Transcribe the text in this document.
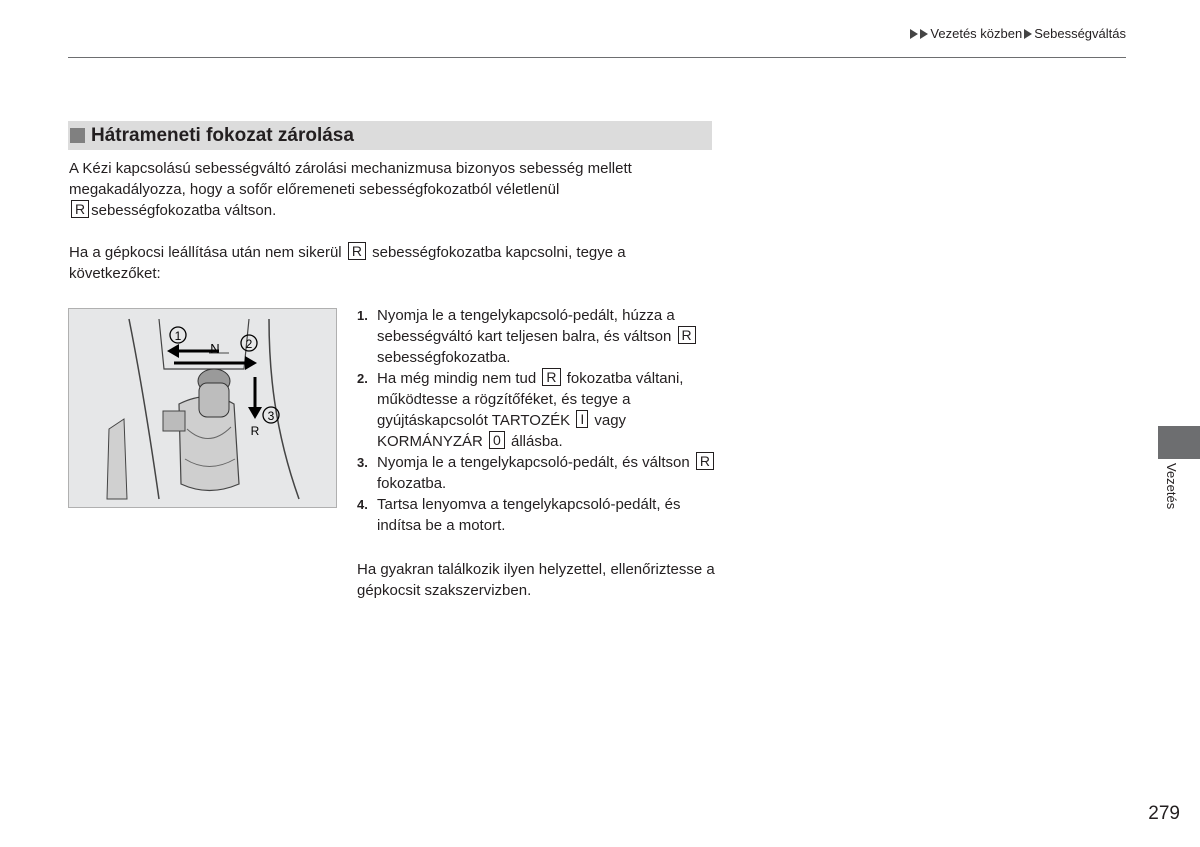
Vezetés közben Sebességváltás
Hátrameneti fokozat zárolása
A Kézi kapcsolású sebességváltó zárolási mechanizmusa bizonyos sebesség mellett megakadályozza, hogy a sofőr előremeneti sebességfokozatból véletlenül
R sebességfokozatba váltson.
Ha a gépkocsi leállítása után nem sikerül R sebességfokozatba kapcsolni, tegye a következőket:
1
2
3
N
R
1. Nyomja le a tengelykapcsoló-pedált, húzza a sebességváltó kart teljesen balra, és váltson Rsebességfokozatba.
2. Ha még mindig nem tud R fokozatba váltani, működtesse a rögzítőféket, és tegye a gyújtáskapcsolót TARTOZÉK I vagy KORMÁNYZÁR 0 állásba.
3. Nyomja le a tengelykapcsoló-pedált, és váltson R fokozatba.
4. Tartsa lenyomva a tengelykapcsoló-pedált, és indítsa be a motort.
Ha gyakran találkozik ilyen helyzettel, ellenőriztesse a gépkocsit szakszervizben.
Vezetés
279
